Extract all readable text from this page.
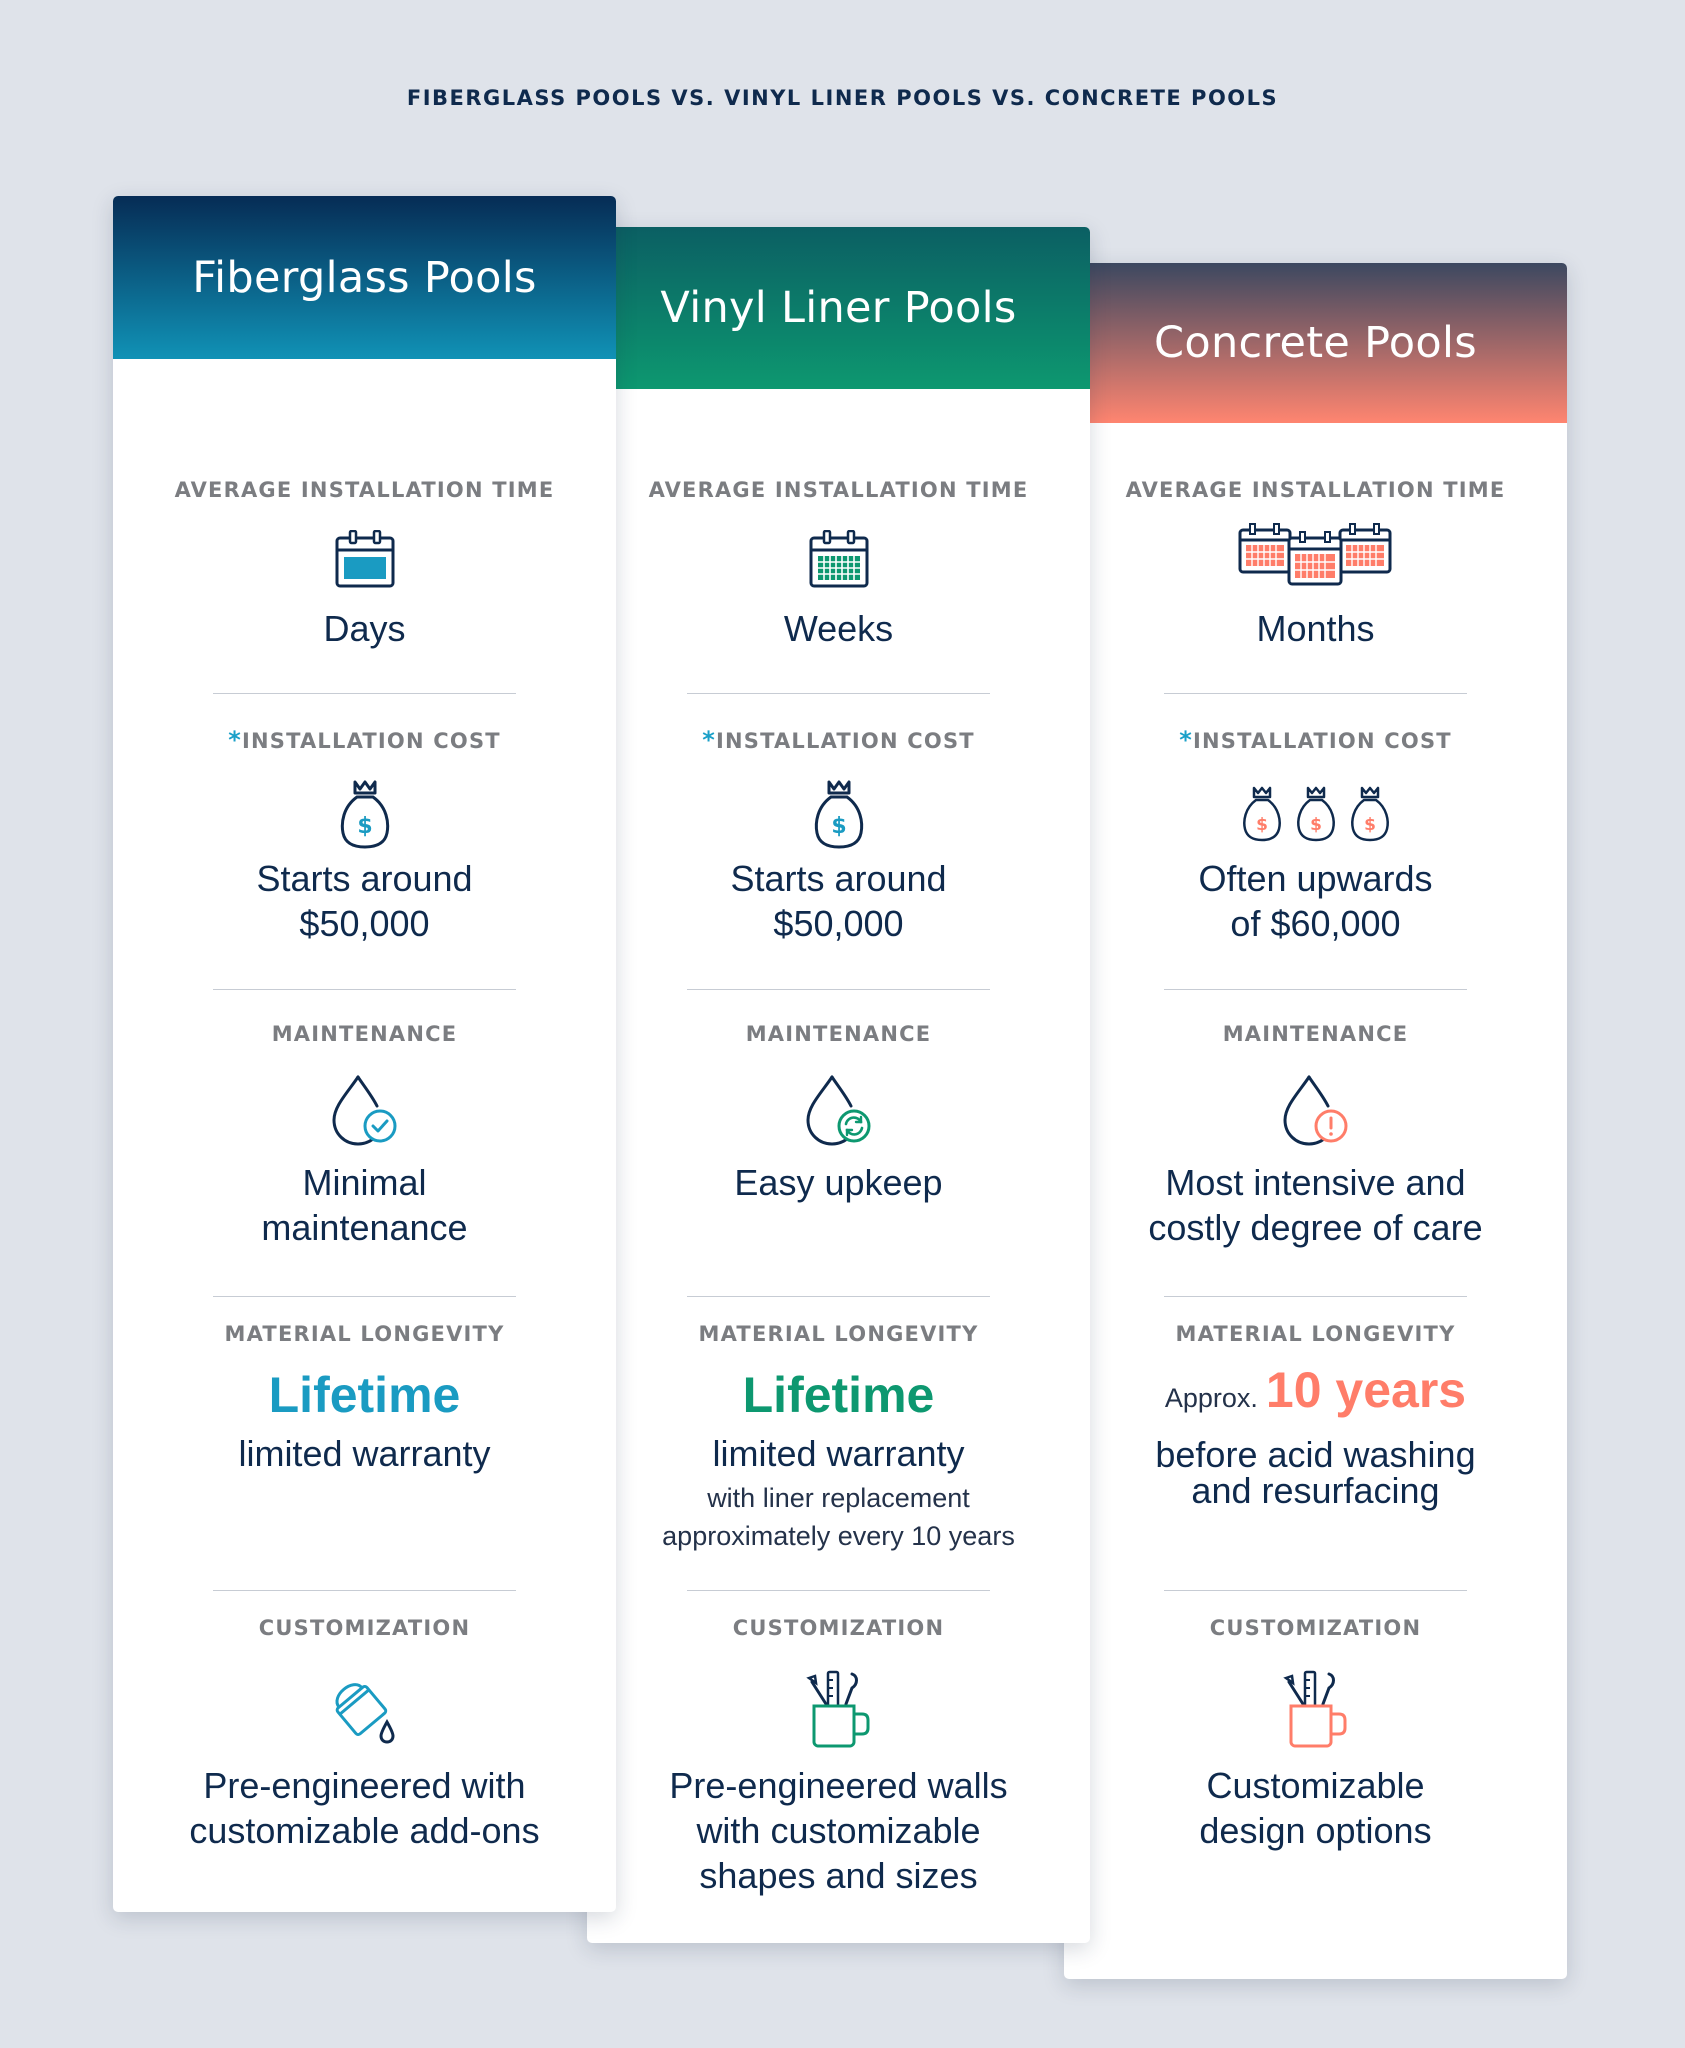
FIBERGLASS POOLS VS. VINYL LINER POOLS VS. CONCRETE POOLS
Fiberglass Pools
AVERAGE INSTALLATION TIME
Days
*INSTALLATION COST
$
Starts around
$50,000
MAINTENANCE
Minimal
maintenance
MATERIAL LONGEVITY
Lifetime
limited warranty
CUSTOMIZATION
Pre-engineered with
customizable add-ons
Vinyl Liner Pools
AVERAGE INSTALLATION TIME
Weeks
*INSTALLATION COST
$
Starts around
$50,000
MAINTENANCE
Easy upkeep
MATERIAL LONGEVITY
Lifetime
limited warranty
with liner replacement
approximately every 10 years
CUSTOMIZATION
Pre-engineered walls
with customizable
shapes and sizes
Concrete Pools
AVERAGE INSTALLATION TIME
Months
*INSTALLATION COST
$ $ $
Often upwards
of $60,000
MAINTENANCE
Most intensive and
costly degree of care
MATERIAL LONGEVITY
Approx. 10 years
before acid washing
and resurfacing
CUSTOMIZATION
Customizable
design options
